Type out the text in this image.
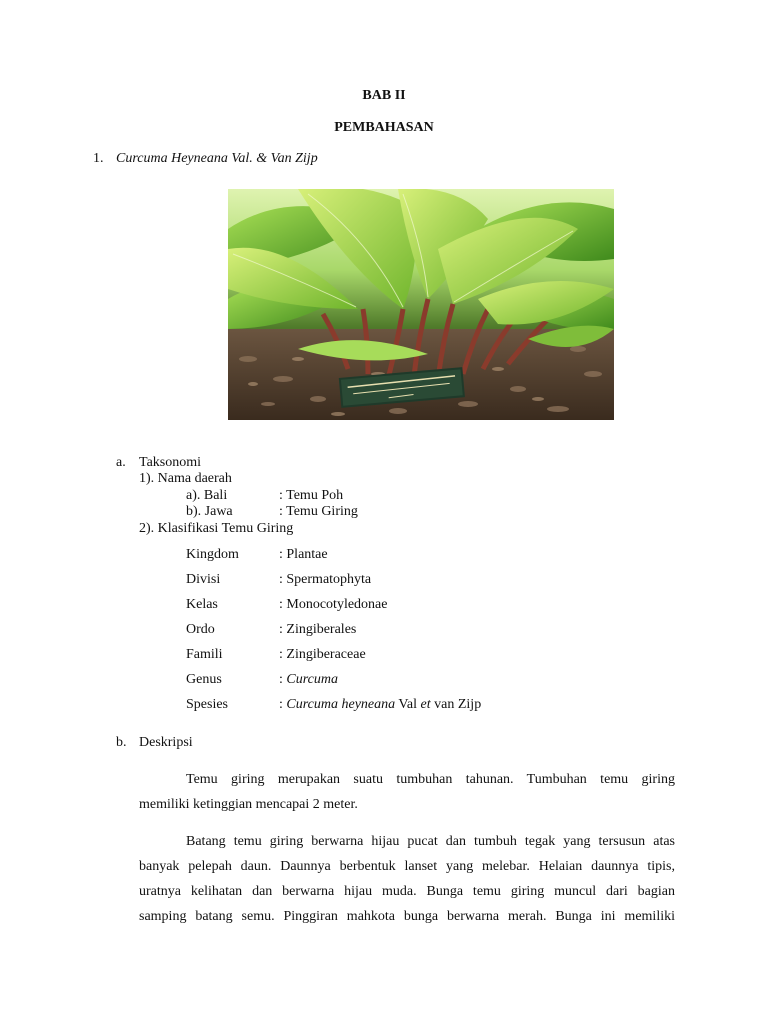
BAB II
PEMBAHASAN
1. Curcuma Heyneana Val. & Van Zijp
a. Taksonomi
1). Nama daerah
a). Bali	: Temu Poh
b). Jawa	: Temu Giring
2). Klasifikasi Temu Giring
Kingdom	: Plantae
Divisi	: Spermatophyta
Kelas	: Monocotyledonae
Ordo	: Zingiberales
Famili	: Zingiberaceae
Genus	: Curcuma
Spesies	: Curcuma heyneana Val et van Zijp
b. Deskripsi
Temu giring merupakan suatu tumbuhan tahunan. Tumbuhan temu giring
memiliki ketinggian mencapai 2 meter.
Batang temu giring berwarna hijau pucat dan tumbuh tegak yang tersusun atas
banyak pelepah daun. Daunnya berbentuk lanset yang melebar. Helaian daunnya tipis,
uratnya kelihatan dan berwarna hijau muda. Bunga temu giring muncul dari bagian
samping batang semu. Pinggiran mahkota bunga berwarna merah. Bunga ini memiliki
